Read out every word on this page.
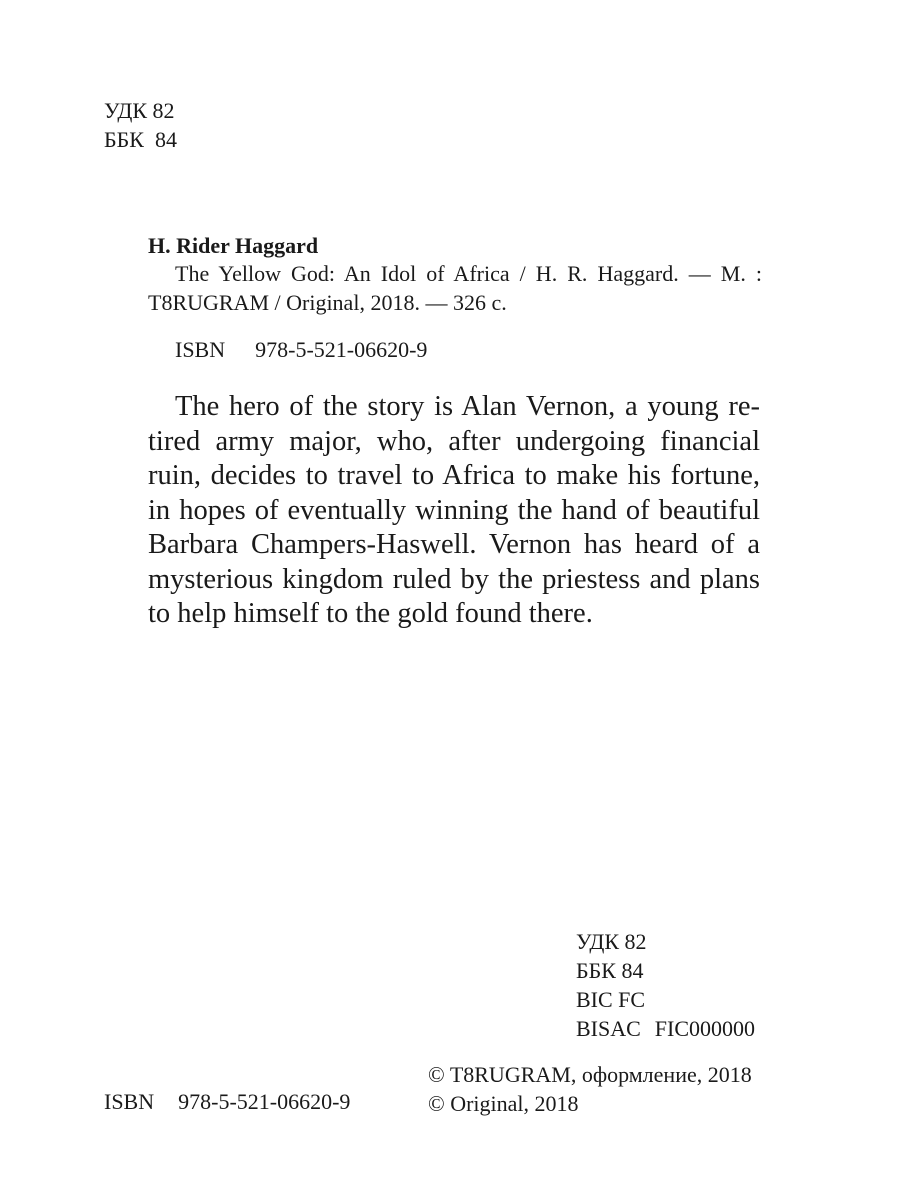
УДК 82
ББК  84
H. Rider Haggard
The Yellow God: An Idol of Africa / H. R. Haggard. — M. :
T8RUGRAM / Original, 2018. — 326 c.
ISBN 978-5-521-06620-9
The hero of the story is Alan Vernon, a young re-
tired army major, who, after undergoing financial
ruin, decides to travel to Africa to make his fortune,
in hopes of eventually winning the hand of beautiful
Barbara Champers-Haswell. Vernon has heard of a
mysterious kingdom ruled by the priestess and plans
to help himself to the gold found there.
УДК 82
ББК 84
BIC FC
BISAC FIC000000
© T8RUGRAM, оформление, 2018
© Original, 2018
ISBN 978-5-521-06620-9
